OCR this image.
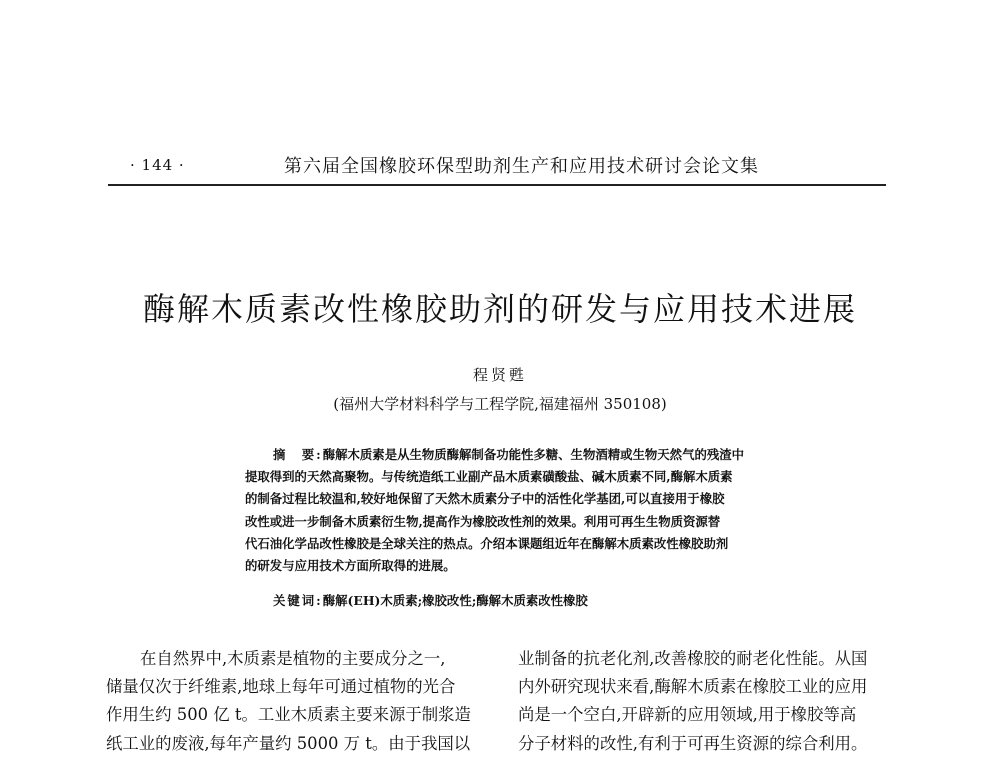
· 144 ·	第六届全国橡胶环保型助剂生产和应用技术研讨会论文集
酶解木质素改性橡胶助剂的研发与应用技术进展
程贤甦
(福州大学材料科学与工程学院,福建福州 350108)
摘　要:酶解木质素是从生物质酶解制备功能性多糖、生物酒精或生物天然气的残渣中
提取得到的天然高聚物。与传统造纸工业副产品木质素磺酸盐、碱木质素不同,酶解木质素
的制备过程比较温和,较好地保留了天然木质素分子中的活性化学基团,可以直接用于橡胶
改性或进一步制备木质素衍生物,提高作为橡胶改性剂的效果。利用可再生生物质资源替
代石油化学品改性橡胶是全球关注的热点。介绍本课题组近年在酶解木质素改性橡胶助剂
的研发与应用技术方面所取得的进展。
关键词:酶解(EH)木质素;橡胶改性;酶解木质素改性橡胶
在自然界中,木质素是植物的主要成分之一,
储量仅次于纤维素,地球上每年可通过植物的光合
作用生约 500 亿 t。工业木质素主要来源于制浆造
纸工业的废液,每年产量约 5000 万 t。由于我国以
业制备的抗老化剂,改善橡胶的耐老化性能。从国
内外研究现状来看,酶解木质素在橡胶工业的应用
尚是一个空白,开辟新的应用领域,用于橡胶等高
分子材料的改性,有利于可再生资源的综合利用。
